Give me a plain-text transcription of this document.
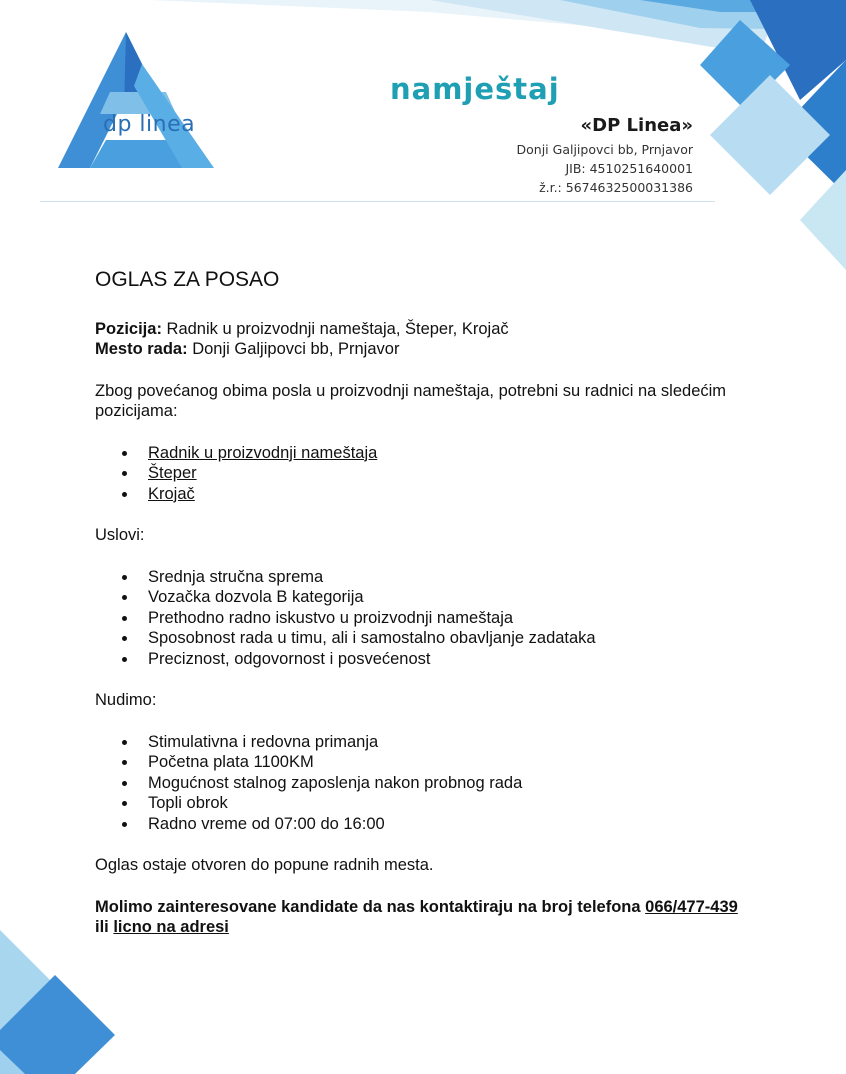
dp linea
namještaj
«DP Linea»
Donji Galjipovci bb, Prnjavor
JIB: 4510251640001
ž.r.: 5674632500031386
OGLAS ZA POSAO

Pozicija: Radnik u proizvodnji nameštaja, Šteper, Krojač

Mesto rada: Donji Galjipovci bb, Prnjavor

Zbog povećanog obima posla u proizvodnji nameštaja, potrebni su radnici na sledećim pozicijama:

Radnik u proizvodnji nameštaja
Šteper
Krojač

Uslovi:

Srednja stručna sprema
Vozačka dozvola B kategorija
Prethodno radno iskustvo u proizvodnji nameštaja
Sposobnost rada u timu, ali i samostalno obavljanje zadataka
Preciznost, odgovornost i posvećenost

Nudimo:

Stimulativna i redovna primanja
Početna plata 1100KM
Mogućnost stalnog zaposlenja nakon probnog rada
Topli obrok
Radno vreme od 07:00 do 16:00

Oglas ostaje otvoren do popune radnih mesta.

Molimo zainteresovane kandidate da nas kontaktiraju na broj telefona 066/477-439
ili licno na adresi
